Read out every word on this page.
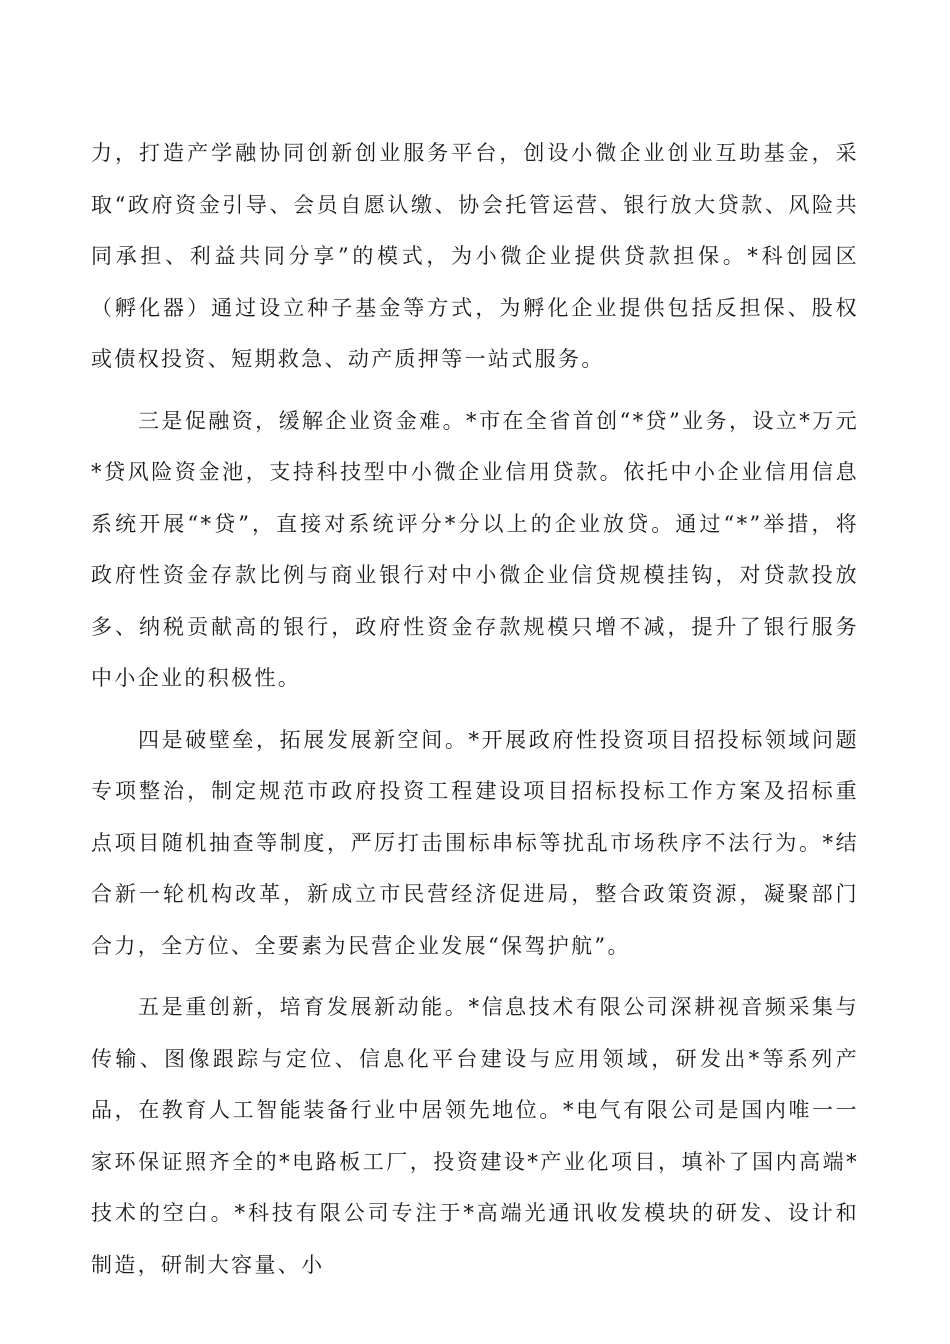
力，打造产学融协同创新创业服务平台，创设小微企业创业互助基金，采取“政府资金引导、会员自愿认缴、协会托管运营、银行放大贷款、风险共同承担、利益共同分享”的模式，为小微企业提供贷款担保。*科创园区（孵化器）通过设立种子基金等方式，为孵化企业提供包括反担保、股权或债权投资、短期救急、动产质押等一站式服务。

三是促融资，缓解企业资金难。*市在全省首创“*贷”业务，设立*万元*贷风险资金池，支持科技型中小微企业信用贷款。依托中小企业信用信息系统开展“*贷”，直接对系统评分*分以上的企业放贷。通过“*”举措，将政府性资金存款比例与商业银行对中小微企业信贷规模挂钩，对贷款投放多、纳税贡献高的银行，政府性资金存款规模只增不减，提升了银行服务中小企业的积极性。

四是破壁垒，拓展发展新空间。*开展政府性投资项目招投标领域问题专项整治，制定规范市政府投资工程建设项目招标投标工作方案及招标重点项目随机抽查等制度，严厉打击围标串标等扰乱市场秩序不法行为。*结合新一轮机构改革，新成立市民营经济促进局，整合政策资源，凝聚部门合力，全方位、全要素为民营企业发展“保驾护航”。

五是重创新，培育发展新动能。*信息技术有限公司深耕视音频采集与传输、图像跟踪与定位、信息化平台建设与应用领域，研发出*等系列产品，在教育人工智能装备行业中居领先地位。*电气有限公司是国内唯一一家环保证照齐全的*电路板工厂，投资建设*产业化项目，填补了国内高端*技术的空白。*科技有限公司专注于*高端光通讯收发模块的研发、设计和制造，研制大容量、小
